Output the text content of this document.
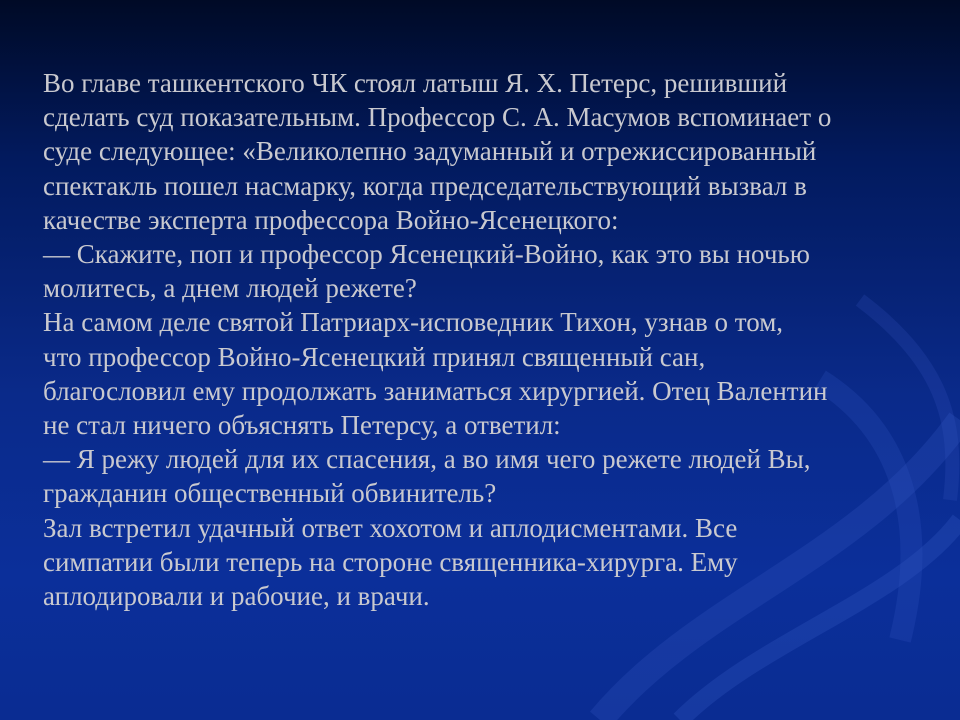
Во главе ташкентского ЧК стоял латыш Я. Х. Петерс, решивший

сделать суд показательным. Профессор С. А. Масумов вспоминает о

суде следующее: «Великолепно задуманный и отрежиссированный

спектакль пошел насмарку, когда председательствующий вызвал в

качестве эксперта профессора Войно-Ясенецкого:

— Скажите, поп и профессор Ясенецкий-Войно, как это вы ночью

молитесь, а днем людей режете?

На самом деле святой Патриарх-исповедник Тихон, узнав о том,

что профессор Войно-Ясенецкий принял священный сан,

благословил ему продолжать заниматься хирургией. Отец Валентин

не стал ничего объяснять Петерсу, а ответил:

— Я режу людей для их спасения, а во имя чего режете людей Вы,

гражданин общественный обвинитель?

Зал встретил удачный ответ хохотом и аплодисментами. Все

симпатии были теперь на стороне священника-хирурга. Ему

аплодировали и рабочие, и врачи.
